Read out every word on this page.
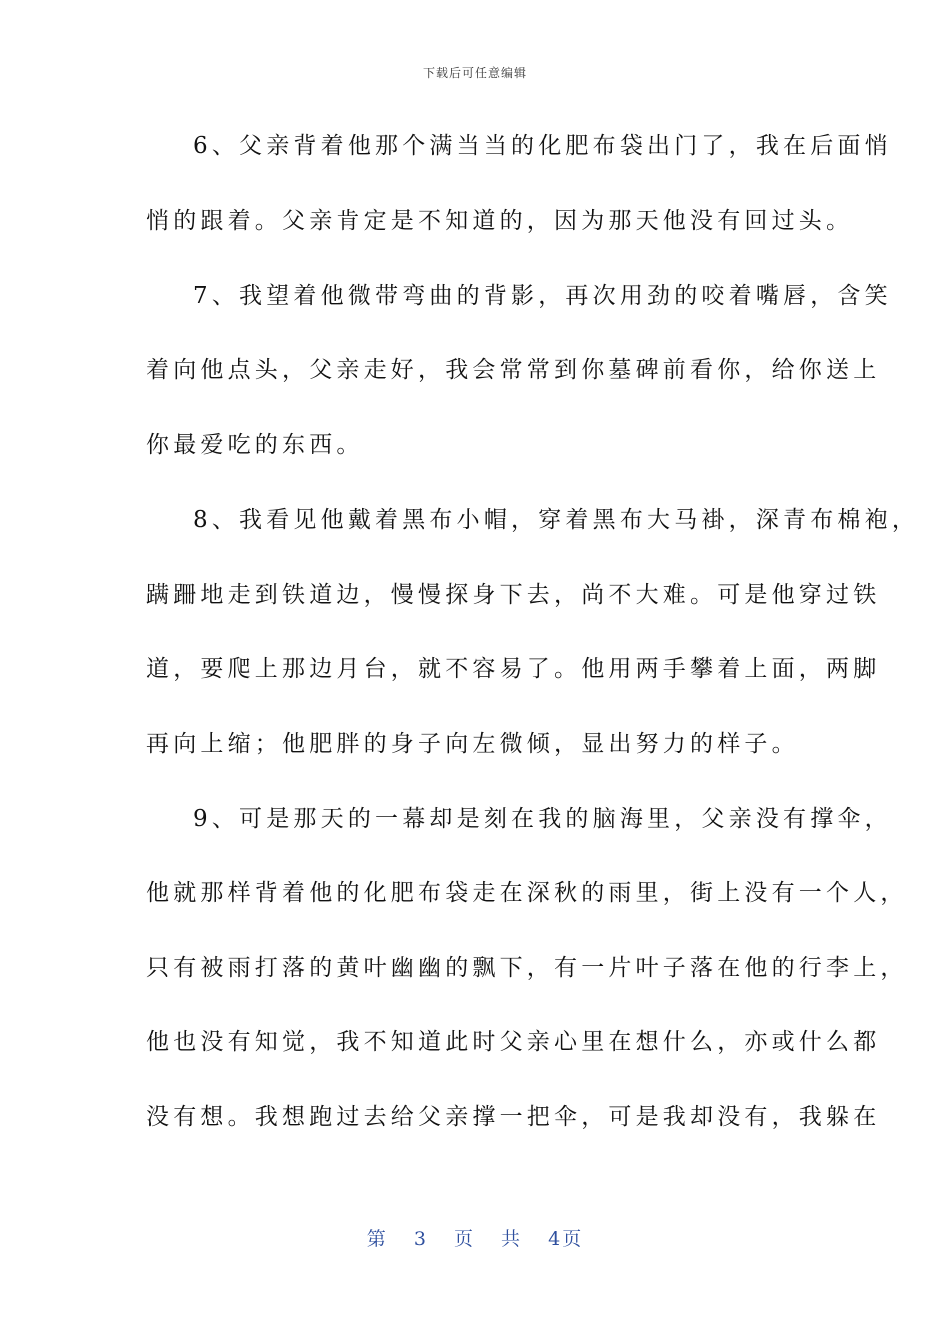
下载后可任意编辑
6、父亲背着他那个满当当的化肥布袋出门了，我在后面悄
悄的跟着。父亲肯定是不知道的，因为那天他没有回过头。
7、我望着他微带弯曲的背影，再次用劲的咬着嘴唇，含笑
着向他点头，父亲走好，我会常常到你墓碑前看你，给你送上
你最爱吃的东西。
8、我看见他戴着黑布小帽，穿着黑布大马褂，深青布棉袍，
蹒跚地走到铁道边，慢慢探身下去，尚不大难。可是他穿过铁
道，要爬上那边月台，就不容易了。他用两手攀着上面，两脚
再向上缩；他肥胖的身子向左微倾，显出努力的样子。
9、可是那天的一幕却是刻在我的脑海里，父亲没有撑伞，
他就那样背着他的化肥布袋走在深秋的雨里，街上没有一个人，
只有被雨打落的黄叶幽幽的飘下，有一片叶子落在他的行李上，
他也没有知觉，我不知道此时父亲心里在想什么，亦或什么都
没有想。我想跑过去给父亲撑一把伞，可是我却没有，我躲在
第 3 页 共 4页
